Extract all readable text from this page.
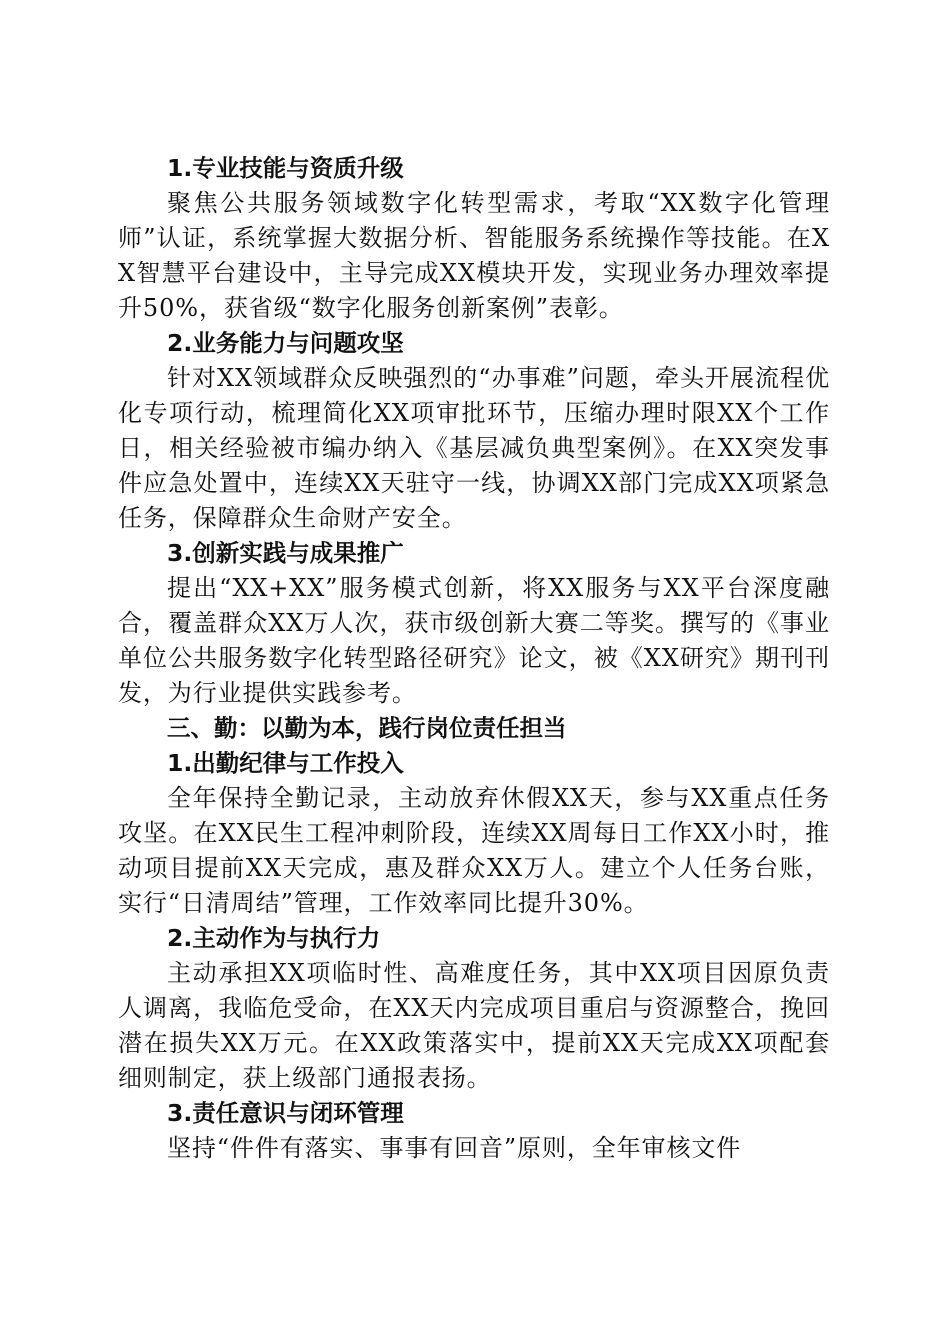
1.专业技能与资质升级

聚焦公共服务领域数字化转型需求，考取“XX数字化管理师”认证，系统掌握大数据分析、智能服务系统操作等技能。在XX智慧平台建设中，主导完成XX模块开发，实现业务办理效率提升50%，获省级“数字化服务创新案例”表彰。

2.业务能力与问题攻坚

针对XX领域群众反映强烈的“办事难”问题，牵头开展流程优化专项行动，梳理简化XX项审批环节，压缩办理时限XX个工作日，相关经验被市编办纳入《基层减负典型案例》。在XX突发事件应急处置中，连续XX天驻守一线，协调XX部门完成XX项紧急任务，保障群众生命财产安全。

3.创新实践与成果推广

提出“XX+XX”服务模式创新，将XX服务与XX平台深度融合，覆盖群众XX万人次，获市级创新大赛二等奖。撰写的《事业单位公共服务数字化转型路径研究》论文，被《XX研究》期刊刊发，为行业提供实践参考。

三、勤：以勤为本，践行岗位责任担当

1.出勤纪律与工作投入

全年保持全勤记录，主动放弃休假XX天，参与XX重点任务攻坚。在XX民生工程冲刺阶段，连续XX周每日工作XX小时，推动项目提前XX天完成，惠及群众XX万人。建立个人任务台账，实行“日清周结”管理，工作效率同比提升30%。

2.主动作为与执行力

主动承担XX项临时性、高难度任务，其中XX项目因原负责人调离，我临危受命，在XX天内完成项目重启与资源整合，挽回潜在损失XX万元。在XX政策落实中，提前XX天完成XX项配套细则制定，获上级部门通报表扬。

3.责任意识与闭环管理

坚持“件件有落实、事事有回音”原则，全年审核文件
